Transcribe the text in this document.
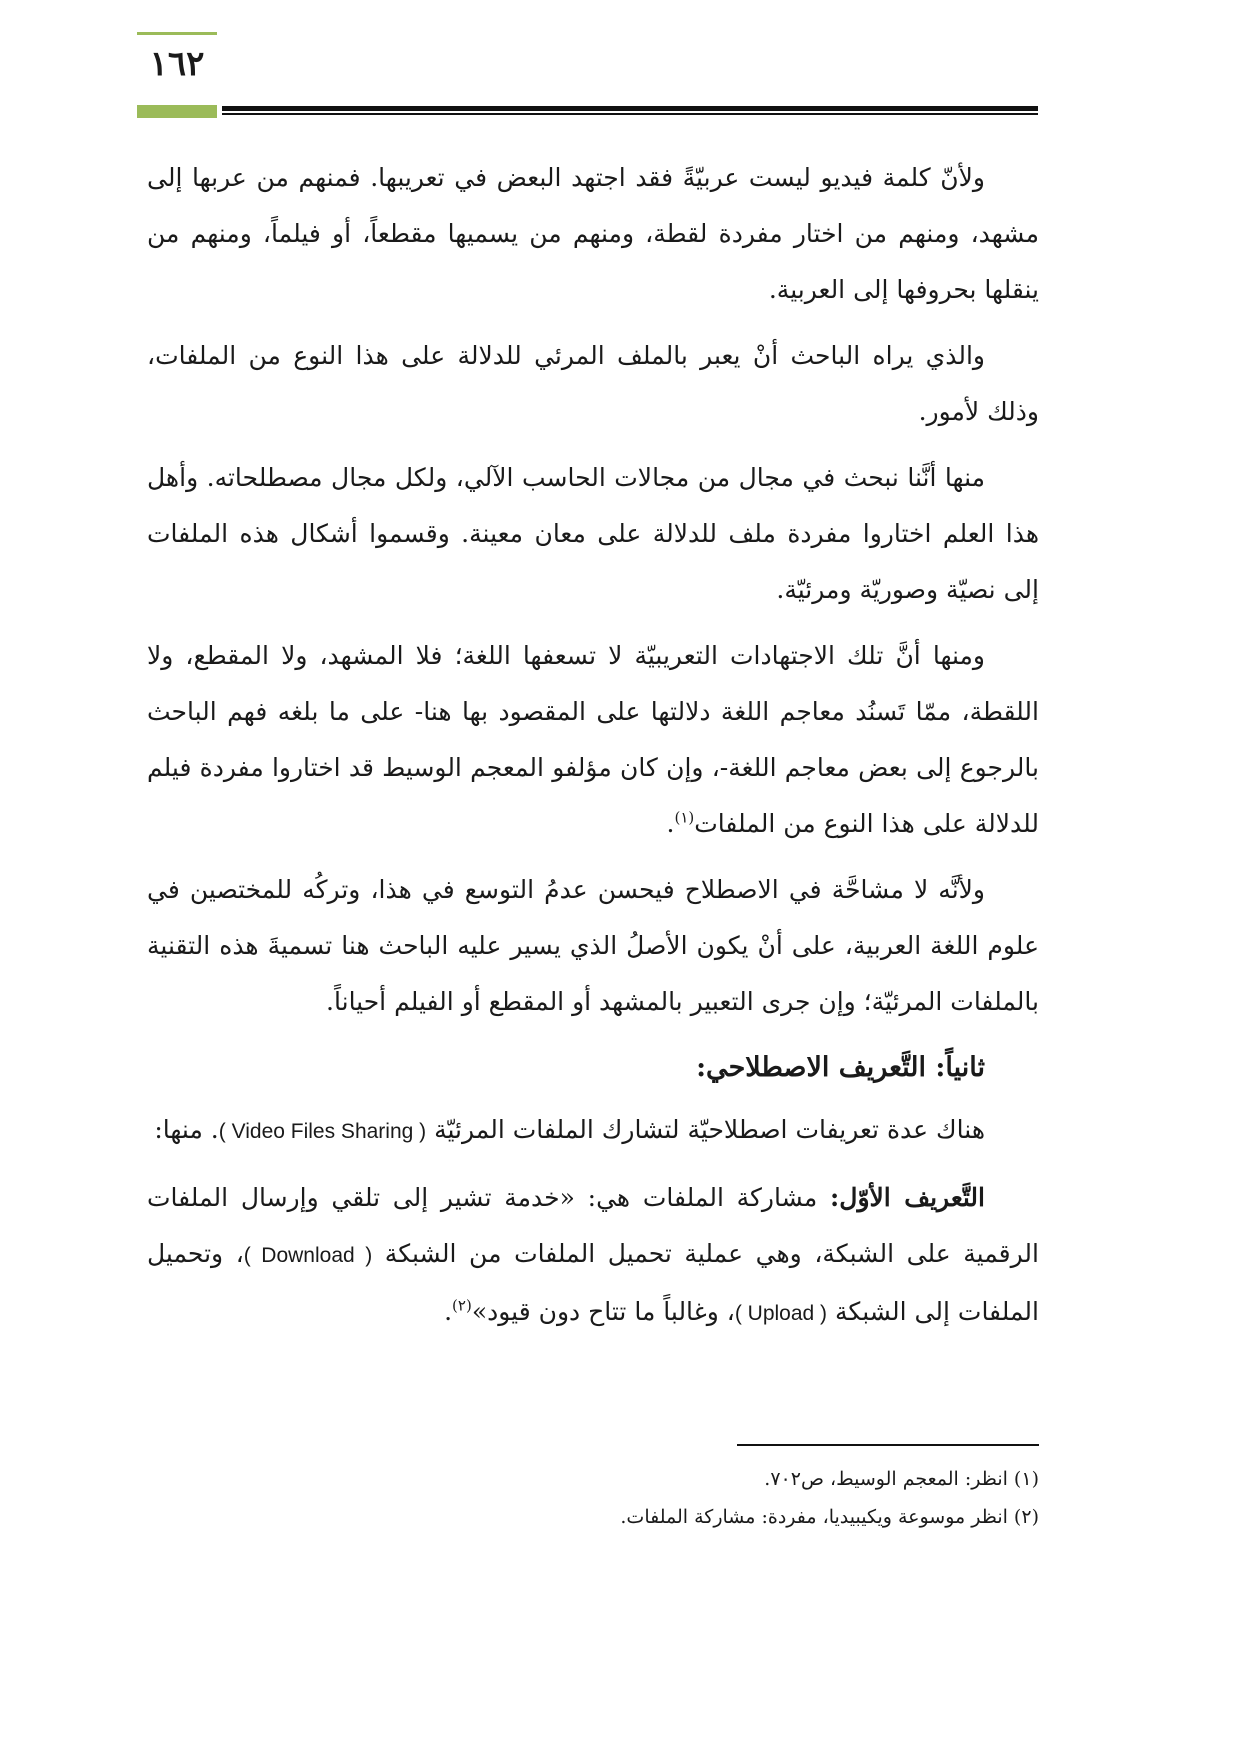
١٦٢

ولأنّ كلمة فيديو ليست عربيّةً فقد اجتهد البعض في تعريبها. فمنهم من عربها إلى مشهد، ومنهم من اختار مفردة لقطة، ومنهم من يسميها مقطعاً، أو فيلماً، ومنهم من ينقلها بحروفها إلى العربية.

والذي يراه الباحث أنْ يعبر بالملف المرئي للدلالة على هذا النوع من الملفات، وذلك لأمور.

منها أنَّنا نبحث في مجال من مجالات الحاسب الآلي، ولكل مجال مصطلحاته. وأهل هذا العلم اختاروا مفردة ملف للدلالة على معان معينة. وقسموا أشكال هذه الملفات إلى نصيّة وصوريّة ومرئيّة.

ومنها أنَّ تلك الاجتهادات التعريبيّة لا تسعفها اللغة؛ فلا المشهد، ولا المقطع، ولا اللقطة، ممّا تَسنُد معاجم اللغة دلالتها على المقصود بها هنا- على ما بلغه فهم الباحث بالرجوع إلى بعض معاجم اللغة-، وإن كان مؤلفو المعجم الوسيط قد اختاروا مفردة فيلم للدلالة على هذا النوع من الملفات$^{(١)}$.

ولأنَّه لا مشاحَّة في الاصطلاح فيحسن عدمُ التوسع في هذا، وتركُه للمختصين في علوم اللغة العربية، على أنْ يكون الأصلُ الذي يسير عليه الباحث هنا تسميةَ هذه التقنية بالملفات المرئيّة؛ وإن جرى التعبير بالمشهد أو المقطع أو الفيلم أحياناً.

ثانياً: التَّعريف الاصطلاحي:

هناك عدة تعريفات اصطلاحيّة لتشارك الملفات المرئيّة ( Video Files Sharing ). منها:

التَّعريف الأوّل: مشاركة الملفات هي: «خدمة تشير إلى تلقي وإرسال الملفات الرقمية على الشبكة، وهي عملية تحميل الملفات من الشبكة ( Download )، وتحميل الملفات إلى الشبكة ( Upload )، وغالباً ما تتاح دون قيود»$^{(٢)}$.

(١) انظر: المعجم الوسيط، ص٧٠٢.
(٢) انظر موسوعة ويكيبيديا، مفردة: مشاركة الملفات.
